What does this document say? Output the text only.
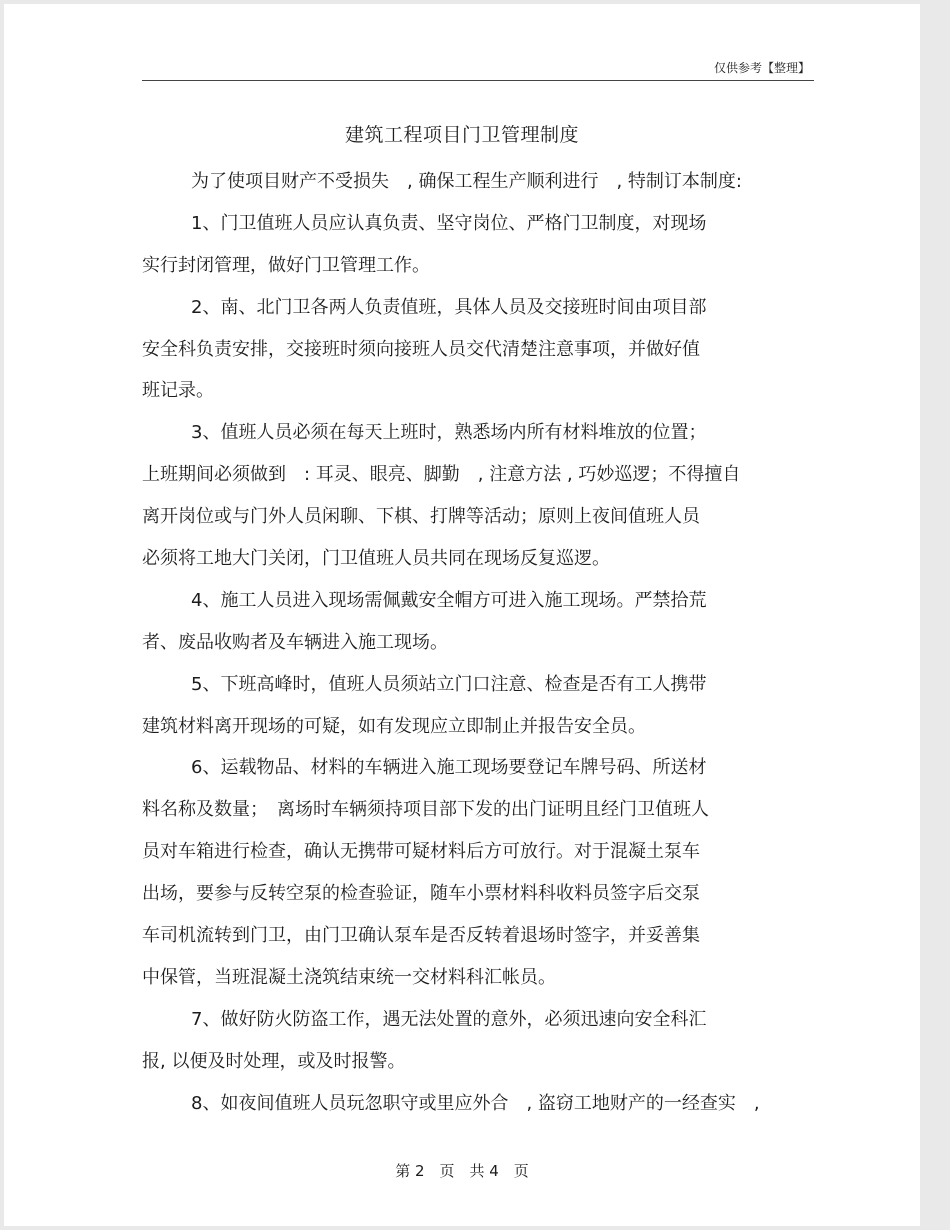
仅供参考【整理】
建筑工程项目门卫管理制度
为了使项目财产不受损失　, 确保工程生产顺利进行　, 特制订本制度:
1、门卫值班人员应认真负责、坚守岗位、严格门卫制度，对现场
实行封闭管理，做好门卫管理工作。
2、南、北门卫各两人负责值班，具体人员及交接班时间由项目部
安全科负责安排，交接班时须向接班人员交代清楚注意事项，并做好值
班记录。
3、值班人员必须在每天上班时，熟悉场内所有材料堆放的位置；
上班期间必须做到　: 耳灵、眼亮、脚勤　, 注意方法 , 巧妙巡逻；不得擅自
离开岗位或与门外人员闲聊、下棋、打牌等活动；原则上夜间值班人员
必须将工地大门关闭，门卫值班人员共同在现场反复巡逻。
4、施工人员进入现场需佩戴安全帽方可进入施工现场。严禁拾荒
者、废品收购者及车辆进入施工现场。
5、下班高峰时，值班人员须站立门口注意、检查是否有工人携带
建筑材料离开现场的可疑，如有发现应立即制止并报告安全员。
6、运载物品、材料的车辆进入施工现场要登记车牌号码、所送材
料名称及数量；　离场时车辆须持项目部下发的出门证明且经门卫值班人
员对车箱进行检查，确认无携带可疑材料后方可放行。对于混凝土泵车
出场，要参与反转空泵的检查验证，随车小票材料科收料员签字后交泵
车司机流转到门卫，由门卫确认泵车是否反转着退场时签字，并妥善集
中保管，当班混凝土浇筑结束统一交材料科汇帐员。
7、做好防火防盗工作，遇无法处置的意外，必须迅速向安全科汇
报, 以便及时处理，或及时报警。
8、如夜间值班人员玩忽职守或里应外合　, 盗窃工地财产的一经查实　,
第 2　页　共 4　页
